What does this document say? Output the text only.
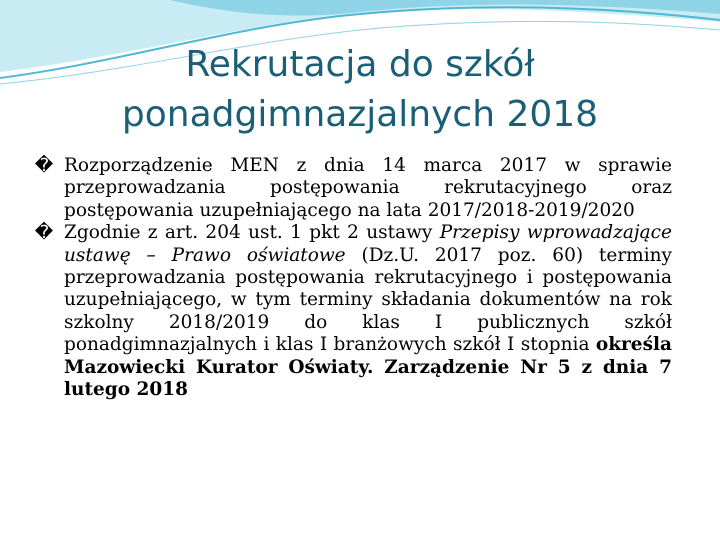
Rekrutacja do szkół
ponadgimnazjalnych 2018

� Rozporządzenie MEN z dnia 14 marca 2017 w sprawie przeprowadzania postępowania rekrutacyjnego oraz postępowania uzupełniającego na lata 2017/2018-2019/2020

� Zgodnie z art. 204 ust. 1 pkt 2 ustawy Przepisy wprowadzające ustawę – Prawo oświatowe (Dz.U. 2017 poz. 60) terminy przeprowadzania postępowania rekrutacyjnego i postępowania uzupełniającego, w tym terminy składania dokumentów na rok szkolny 2018/2019 do klas I publicznych szkół ponadgimnazjalnych i klas I branżowych szkół I stopnia określa Mazowiecki Kurator Oświaty. Zarządzenie Nr 5 z dnia 7 lutego 2018
